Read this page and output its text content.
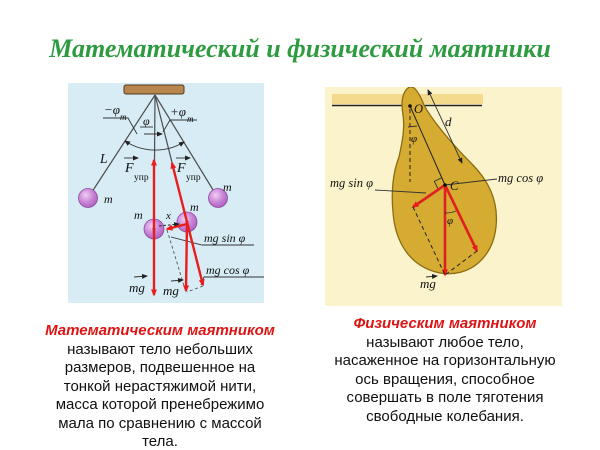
Математический и физический маятники
−φ m	+φ m
φ
L
F
упр
F
упр
m
m
m
m
x
mg sin φ
mg cos φ
mg mg
O
φ
d
C
φ
mg sin φ	mg cos φ
mg
Математическим маятником называют тело небольших размеров, подвешенное на тонкой нерастяжимой нити, масса которой пренебрежимо мала по сравнению с массой тела.
Физическим маятником называют любое тело, насаженное на горизонтальную ось вращения, способное совершать в поле тяготения свободные колебания.
